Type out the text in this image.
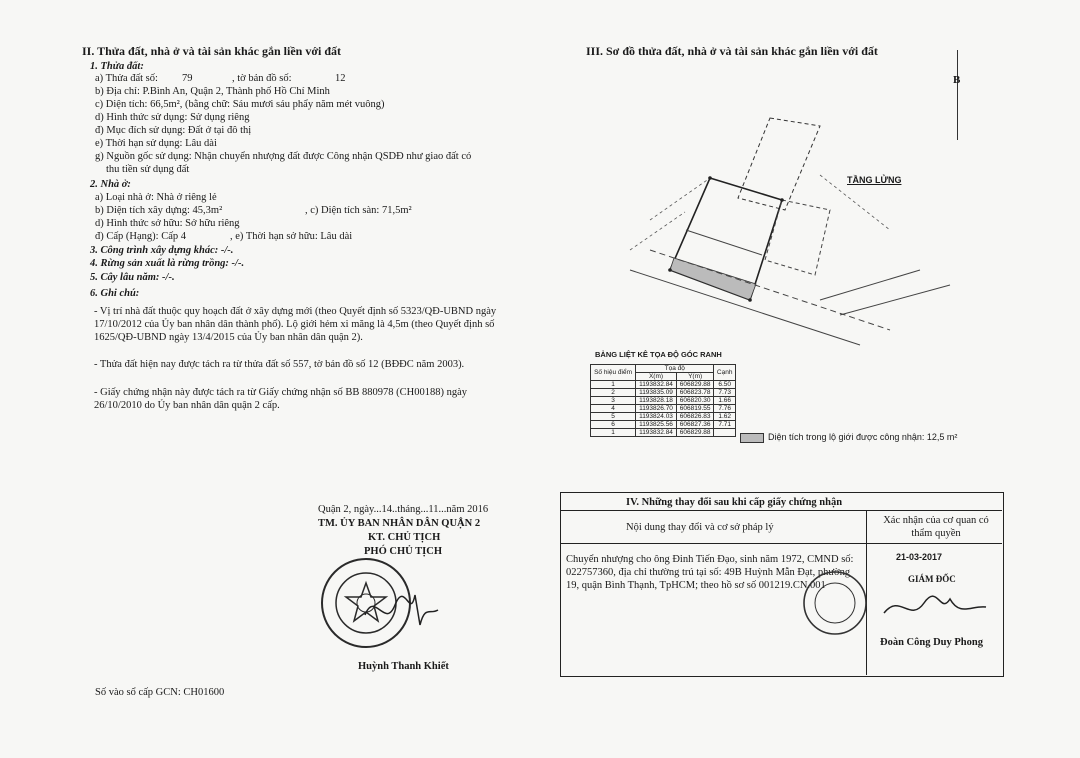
II. Thửa đất, nhà ở và tài sản khác gắn liền với đất
1. Thửa đất:
a) Thửa đất số: 79	, tờ bản đồ số:	12
b) Địa chỉ: P.Bình An, Quận 2, Thành phố Hồ Chí Minh
c) Diện tích: 66,5m², (bằng chữ: Sáu mươi sáu phẩy năm mét vuông)
d) Hình thức sử dụng: Sử dụng riêng
đ) Mục đích sử dụng: Đất ở tại đô thị
e) Thời hạn sử dụng: Lâu dài
g) Nguồn gốc sử dụng: Nhận chuyển nhượng đất được Công nhận QSDĐ như giao đất có
thu tiền sử dụng đất
2. Nhà ở:
a) Loại nhà ở: Nhà ở riêng lẻ
b) Diện tích xây dựng: 45,3m²	, c) Diện tích sàn: 71,5m²
d) Hình thức sở hữu: Sở hữu riêng
đ) Cấp (Hạng): Cấp 4	, e) Thời hạn sở hữu: Lâu dài
3. Công trình xây dựng khác: -/-.
4. Rừng sản xuất là rừng trồng: -/-.
5. Cây lâu năm: -/-.
6. Ghi chú:
- Vị trí nhà đất thuộc quy hoạch đất ở xây dựng mới (theo Quyết định số 5323/QĐ-UBND ngày 17/10/2012 của Ủy ban nhân dân thành phố). Lộ giới hẻm xi măng là 4,5m (theo Quyết định số 1625/QĐ-UBND ngày 13/4/2015 của Ủy ban nhân dân quận 2).
- Thửa đất hiện nay được tách ra từ thửa đất số 557, tờ bản đồ số 12 (BĐĐC năm 2003).
- Giấy chứng nhận này được tách ra từ Giấy chứng nhận số BB 880978 (CH00188) ngày 26/10/2010 do Ủy ban nhân dân quận 2 cấp.
Quận 2, ngày...14..tháng...11...năm 2016
TM. ỦY BAN NHÂN DÂN QUẬN 2
KT. CHỦ TỊCH
PHÓ CHỦ TỊCH
Huỳnh Thanh Khiết
Số vào sổ cấp GCN: CH01600
III. Sơ đồ thửa đất, nhà ở và tài sản khác gắn liền với đất
B
TẦNG LỬNG
BẢNG LIỆT KÊ TỌA ĐỘ GÓC RANH
Số hiệu điểm	Tọa độ		Cạnh
	X(m)	Y(m)	
1	1193832.84	606829.88	6.50
2	1193835.09	606823.78	7.73
3	1193828.18	606820.30	1.66
4	1193826.70	606819.55	7.76
5	1193824.03	606826.83	1.62
6	1193825.56	606827.36	7.71
1	1193832.84	606829.88		Diện tích trong lộ giới được công nhận: 12,5 m²
IV. Những thay đổi sau khi cấp giấy chứng nhận
Nội dung thay đổi và cơ sở pháp lý
Xác nhận của cơ quan có thẩm quyền
Chuyển nhượng cho ông Đinh Tiến Đạo, sinh năm 1972, CMND số: 022757360, địa chỉ thường trú tại số: 49B Huỳnh Mẫn Đạt, phường 19, quận Bình Thạnh, TpHCM; theo hồ sơ số 001219.CN.001
21-03-2017
GIÁM ĐỐC
Đoàn Công Duy Phong
